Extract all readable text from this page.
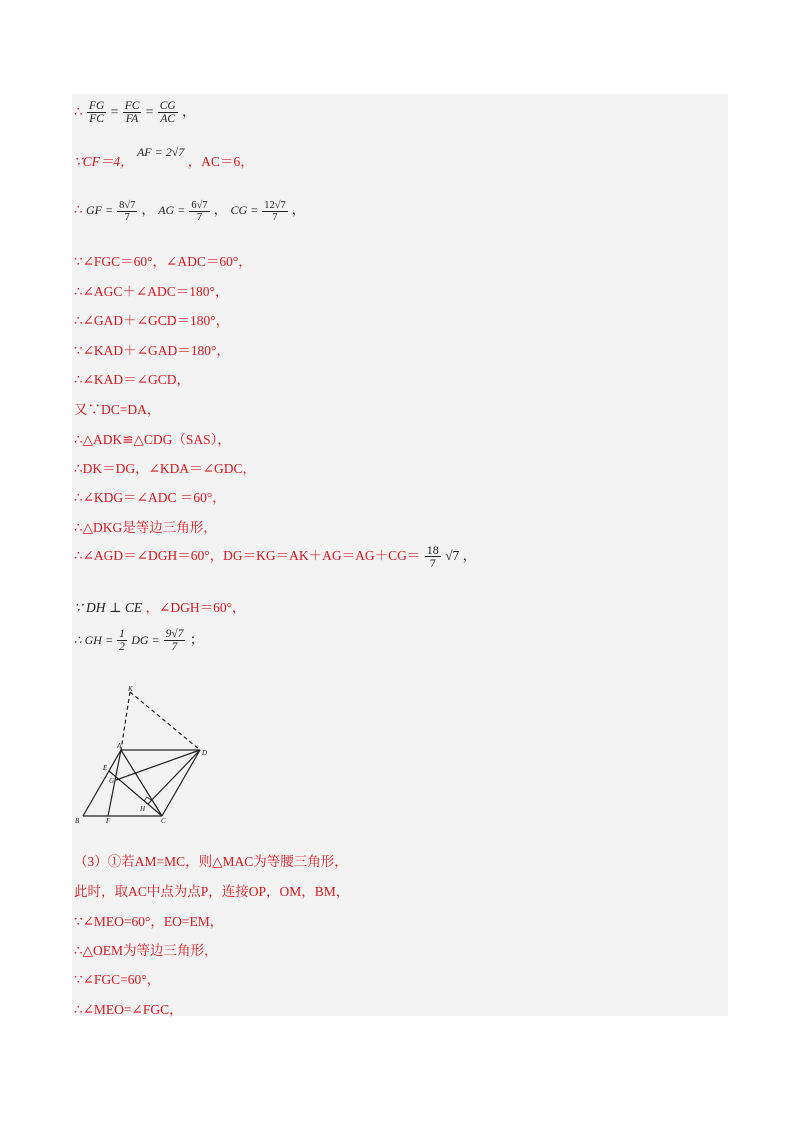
∴ $\frac{FG}{FC} = \frac{FC}{FA} = \frac{CG}{AC}$ ，
∵CF＝4， AF = 2√7 ，AC＝6，
∴ GF = $\frac{8√7}{7}$ ， AG = $\frac{6√7}{7}$ ， CG = $\frac{12√7}{7}$ ，
∵∠FGC＝60°，∠ADC＝60°，
∴∠AGC＋∠ADC＝180°，
∴∠GAD＋∠GCD＝180°，
∵∠KAD＋∠GAD＝180°，
∴∠KAD＝∠GCD，
又∵DC=DA，
∴△ADK≌△CDG（SAS），
∴DK＝DG，∠KDA＝∠GDC，
∴∠KDG＝∠ADC ＝60°，
∴△DKG是等边三角形，
∴∠AGD＝∠DGH＝60°，$DG=KG=AK+AG=AG+CG= \frac{18}{7} √7$ ，
∵ DH ⊥ CE ，∠DGH＝60°，
∴ GH = $\frac{1}{2}$ DG = $\frac{9√7}{7}$ ；
K
A
D
E
G
H
B	F	C
（3）①若AM=MC，则△MAC为等腰三角形，
此时，取AC中点为点P，连接OP，OM，BM，
∵∠MEO=60°，EO=EM，
∴△OEM为等边三角形，
∵∠FGC=60°，
∴∠MEO=∠FGC，
